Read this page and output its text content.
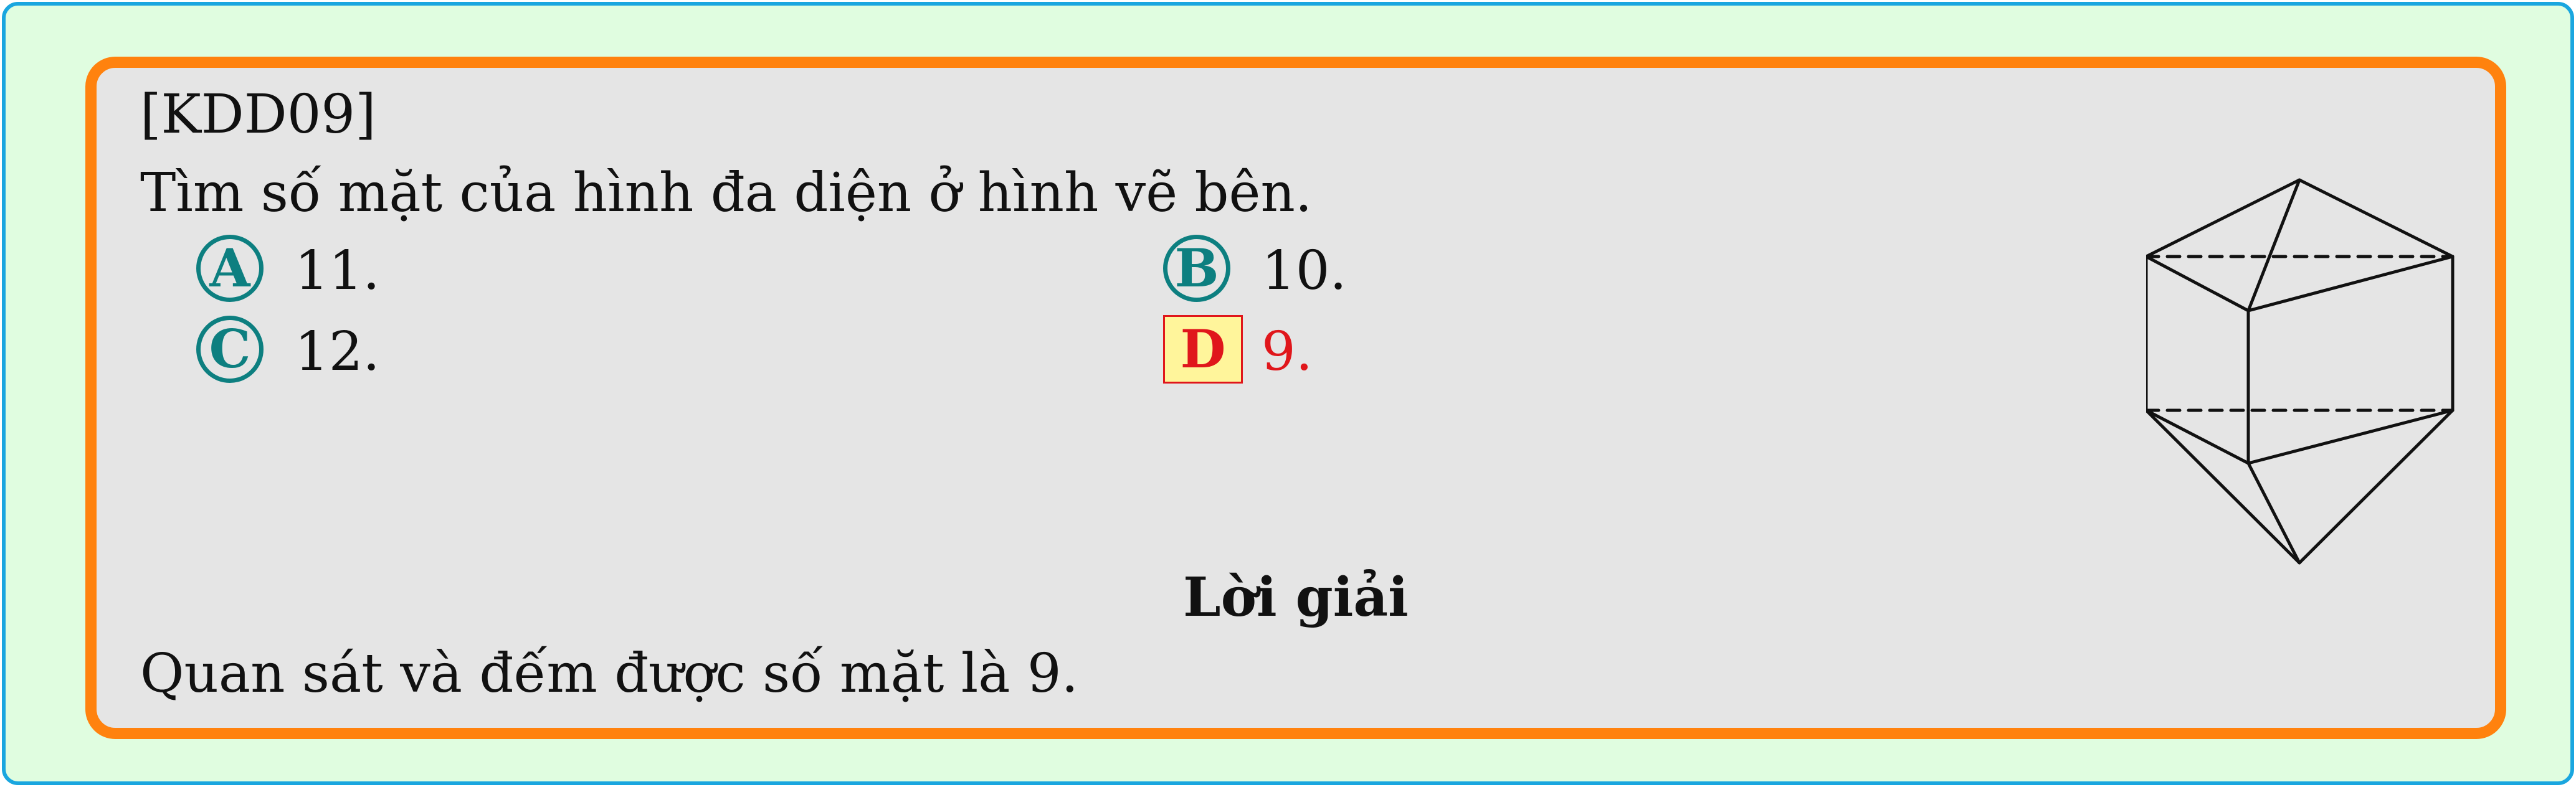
[KDD09]
Tìm số mặt của hình đa diện ở hình vẽ bên.
A 11.	B 10.
C 12.	D 9.
Lời giải
Quan sát và đếm được số mặt là 9.
